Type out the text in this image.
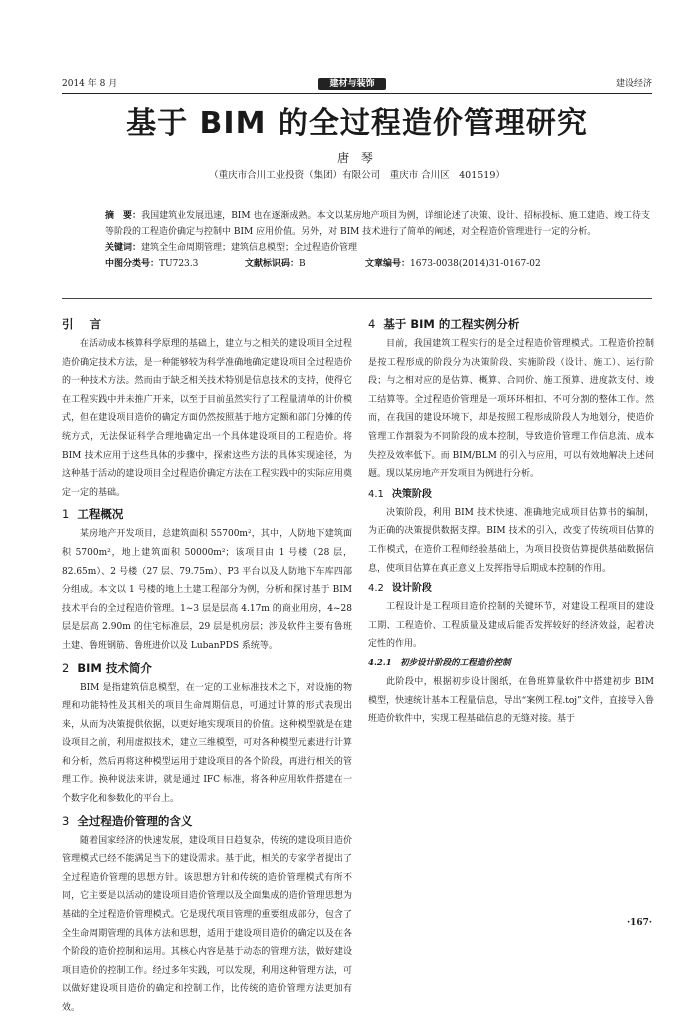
2014 年 8 月	建材与装饰	建设经济
基于 BIM 的全过程造价管理研究
唐 琴
（重庆市合川工业投资（集团）有限公司　重庆市 合川区　401519）

摘　要：我国建筑业发展迅速，BIM 也在逐渐成熟。本文以某房地产项目为例，详细论述了决策、设计、招标投标、施工建造、竣工待支等阶段的工程造价确定与控制中 BIM 应用价值。另外，对 BIM 技术进行了简单的阐述，对全程造价管理进行一定的分析。

关键词：建筑全生命周期管理；建筑信息模型；全过程造价管理

中图分类号：TU723.3	文献标识码：B	文章编号：1673-0038(2014)31-0167-02
引 言

在活动成本核算科学原理的基础上，建立与之相关的建设项目全过程造价确定技术方法，是一种能够较为科学准确地确定建设项目全过程造价的一种技术方法。然而由于缺乏相关技术特别是信息技术的支持，使得它在工程实践中并未推广开来，以至于目前虽然实行了工程量清单的计价模式，但在建设项目造价的确定方面仍然按照基于地方定额和部门分摊的传统方式，无法保证科学合理地确定出一个具体建设项目的工程造价。将 BIM 技术应用于这些具体的步骤中，探索这些方法的具体实现途径，为这种基于活动的建设项目全过程造价确定方法在工程实践中的实际应用奠定一定的基础。

1 工程概况

某房地产开发项目，总建筑面积 55700m²，其中，人防地下建筑面积 5700m²，地上建筑面积 50000m²；该项目由 1 号楼（28 层，82.65m）、2 号楼（27 层、79.75m）、P3 平台以及人防地下车库四部分组成。本文以 1 号楼的地上土建工程部分为例，分析和探讨基于 BIM 技术平台的全过程造价管理。1~3 层是层高 4.17m 的商业用房，4~28 层是层高 2.90m 的住宅标准层，29 层是机房层；涉及软件主要有鲁班土建、鲁班钢筋、鲁班进价以及 LubanPDS 系统等。

2 BIM 技术简介

BIM 是指建筑信息模型，在一定的工业标准技术之下，对设施的物理和功能特性及其相关的项目生命周期信息，可通过计算的形式表现出来，从而为决策提供依据，以更好地实现项目的价值。这种模型就是在建设项目之前，利用虚拟技术，建立三维模型，可对各种模型元素进行计算和分析，然后再将这种模型运用于建设项目的各个阶段，再进行相关的管理工作。换种说法来讲，就是通过 IFC 标准，将各种应用软件搭建在一个数字化和参数化的平台上。

3 全过程造价管理的含义

随着国家经济的快速发展，建设项目日趋复杂，传统的建设项目造价管理模式已经不能满足当下的建设需求。基于此，相关的专家学者提出了全过程造价管理的思想方针。该思想方针和传统的造价管理模式有所不同，它主要是以活动的建设项目造价管理以及全面集成的造价管理思想为基础的全过程造价管理模式。它是现代项目管理的重要组成部分，包含了全生命周期管理的具体方法和思想，适用于建设项目造价的确定以及在各个阶段的造价控制和运用。其核心内容是基于动态的管理方法，做好建设项目造价的控制工作。经过多年实践，可以发现，利用这种管理方法，可以做好建设项目造价的确定和控制工作，比传统的造价管理方法更加有效。

4 基于 BIM 的工程实例分析

目前，我国建筑工程实行的是全过程造价管理模式。工程造价控制是按工程形成的阶段分为决策阶段、实施阶段（设计、施工）、运行阶段；与之相对应的是估算、概算、合同价、施工预算、进度款支付、竣工结算等。全过程造价管理是一项环环相扣、不可分割的整体工作。然而，在我国的建设环境下，却是按照工程形成阶段人为地划分，使造价管理工作割裂为不同阶段的成本控制，导致造价管理工作信息流、成本失控及效率低下。而 BIM/BLM 的引入与应用，可以有效地解决上述问题。现以某房地产开发项目为例进行分析。

4.1 决策阶段

决策阶段，利用 BIM 技术快速、准确地完成项目估算书的编制，为正确的决策提供数据支撑。BIM 技术的引入，改变了传统项目估算的工作模式，在造价工程师经验基础上，为项目投资估算提供基础数据信息，使项目估算在真正意义上发挥指导后期成本控制的作用。

4.2 设计阶段

工程设计是工程项目造价控制的关键环节，对建设工程项目的建设工期、工程造价、工程质量及建成后能否发挥较好的经济效益，起着决定性的作用。

4.2.1　初步设计阶段的工程造价控制

此阶段中，根据初步设计图纸，在鲁班算量软件中搭建初步 BIM 模型，快速统计基本工程量信息，导出“案例工程.toj”文件，直接导入鲁班造价软件中，实现工程基础信息的无缝对接。基于

·167·
